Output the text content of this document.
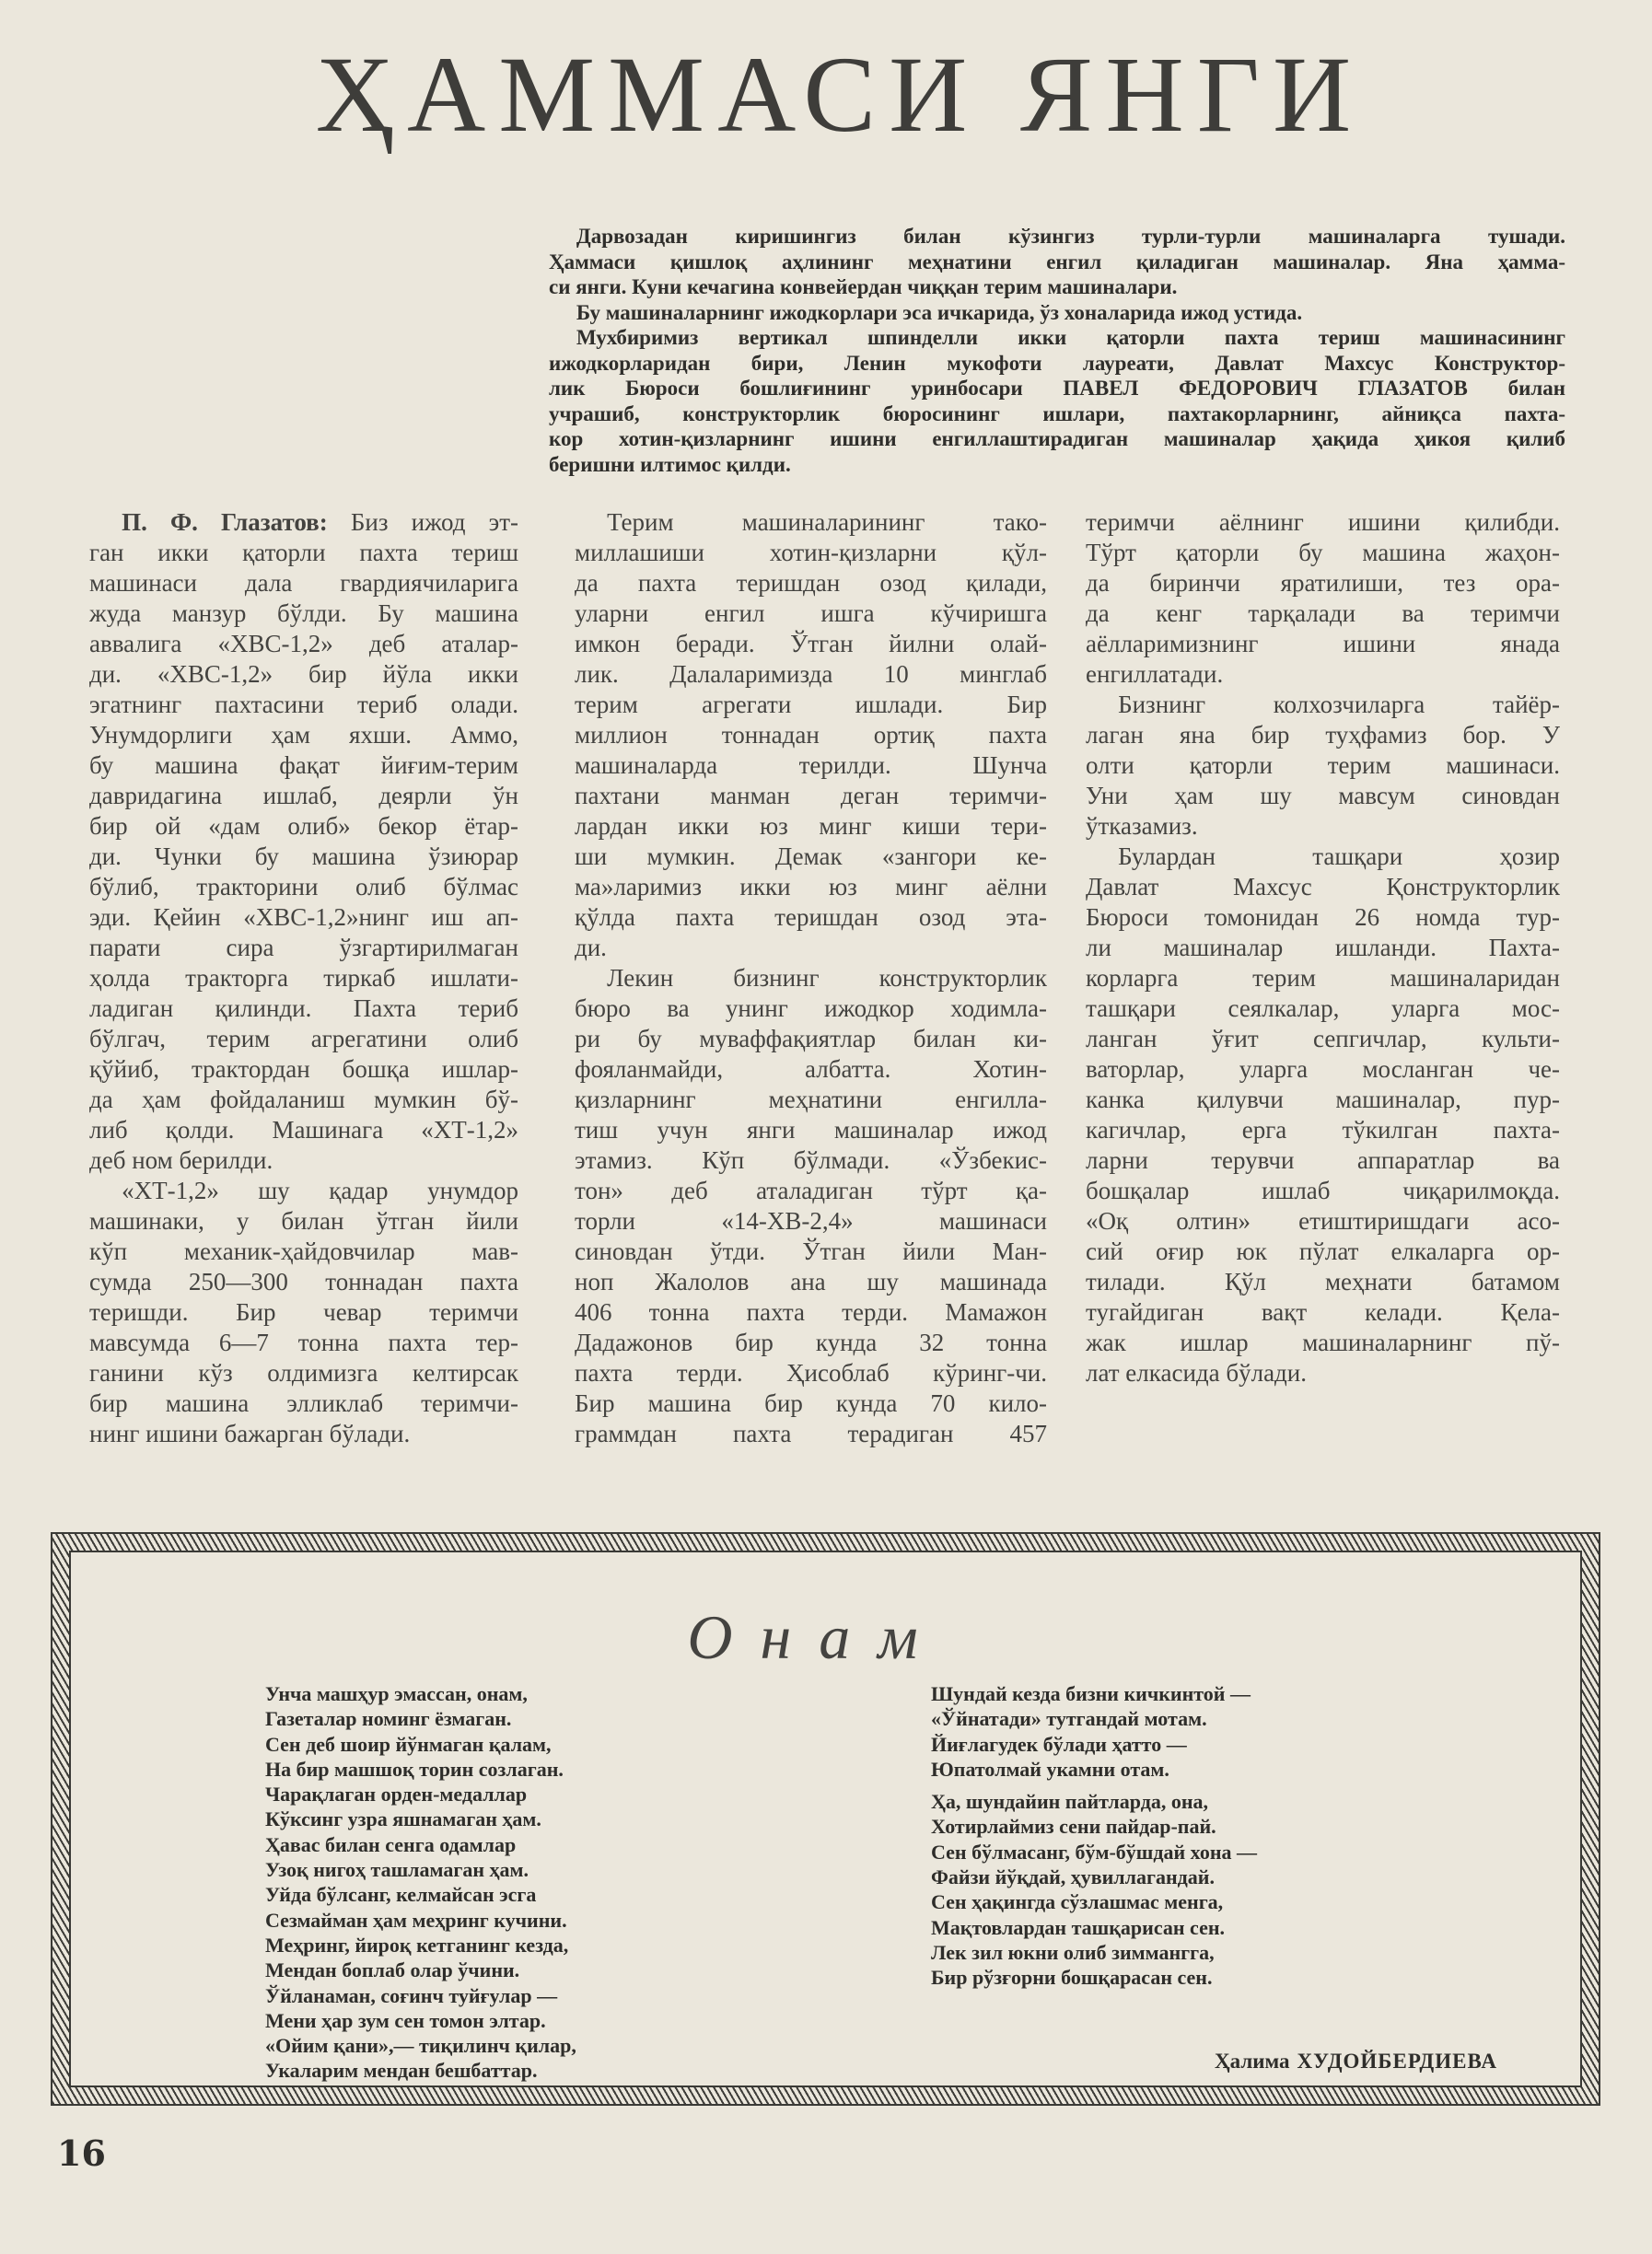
ҲАММАСИ ЯНГИ
Дарвозадан киришингиз билан кўзингиз турли-турли машиналарга тушади.
Ҳаммаси қишлоқ аҳлининг меҳнатини енгил қиладиган машиналар. Яна ҳамма-
си янги. Куни кечагина конвейердан чиққан терим машиналари.
Бу машиналарнинг ижодкорлари эса ичкарида, ўз хоналарида ижод устида.
Мухбиримиз вертикал шпинделли икки қаторли пахта териш машинасининг
ижодкорларидан бири, Ленин мукофоти лауреати, Давлат Махсус Конструктор-
лик Бюроси бошлиғининг уринбосари ПАВЕЛ ФЕДОРОВИЧ ГЛАЗАТОВ билан
учрашиб, конструкторлик бюросининг ишлари, пахтакорларнинг, айниқса пахта-
кор хотин-қизларнинг ишини енгиллаштирадиган машиналар ҳақида ҳикоя қилиб
беришни илтимос қилди.
П. Ф. Глазатов: Биз ижод эт-
ган икки қаторли пахта териш
машинаси дала гвардиячиларига
жуда манзур бўлди. Бу машина
аввалига «ХВС-1,2» деб аталар-
ди. «ХВС-1,2» бир йўла икки
эгатнинг пахтасини териб олади.
Унумдорлиги ҳам яхши. Аммо,
бу машина фақат йиғим-терим
давридагина ишлаб, деярли ўн
бир ой «дам олиб» бекор ётар-
ди. Чунки бу машина ўзиюрар
бўлиб, тракторини олиб бўлмас
эди. Қейин «ХВС-1,2»нинг иш ап-
парати сира ўзгартирилмаган
ҳолда тракторга тиркаб ишлати-
ладиган қилинди. Пахта териб
бўлгач, терим агрегатини олиб
қўйиб, трактордан бошқа ишлар-
да ҳам фойдаланиш мумкин бў-
либ қолди. Машинага «ХТ-1,2»
деб ном берилди.
«ХТ-1,2» шу қадар унумдор
машинаки, у билан ўтган йили
кўп механик-ҳайдовчилар мав-
сумда 250—300 тоннадан пахта
теришди. Бир чевар теримчи
мавсумда 6—7 тонна пахта тер-
ганини кўз олдимизга келтирсак
бир машина элликлаб теримчи-
нинг ишини бажарган бўлади.
Терим машиналарининг тако-
миллашиши хотин-қизларни қўл-
да пахта теришдан озод қилади,
уларни енгил ишга кўчиришга
имкон беради. Ўтган йилни олай-
лик. Далаларимизда 10 минглаб
терим агрегати ишлади. Бир
миллион тоннадан ортиқ пахта
машиналарда терилди. Шунча
пахтани манман деган теримчи-
лардан икки юз минг киши тери-
ши мумкин. Демак «зангори ке-
ма»ларимиз икки юз минг аёлни
қўлда пахта теришдан озод эта-
ди.
Лекин бизнинг конструкторлик
бюро ва унинг ижодкор ходимла-
ри бу муваффақиятлар билан ки-
фояланмайди, албатта. Хотин-
қизларнинг меҳнатини енгилла-
тиш учун янги машиналар ижод
этамиз. Кўп бўлмади. «Ўзбекис-
тон» деб аталадиган тўрт қа-
торли «14-ХВ-2,4» машинаси
синовдан ўтди. Ўтган йили Ман-
ноп Жалолов ана шу машинада
406 тонна пахта терди. Мамажон
Дадажонов бир кунда 32 тонна
пахта терди. Ҳисоблаб кўринг-чи.
Бир машина бир кунда 70 кило-
граммдан пахта терадиган 457
теримчи аёлнинг ишини қилибди.
Тўрт қаторли бу машина жаҳон-
да биринчи яратилиши, тез ора-
да кенг тарқалади ва теримчи
аёлларимизнинг ишини янада
енгиллатади.
Бизнинг колхозчиларга тайёр-
лаган яна бир туҳфамиз бор. У
олти қаторли терим машинаси.
Уни ҳам шу мавсум синовдан
ўтказамиз.
Булардан ташқари ҳозир
Давлат Махсус Қонструкторлик
Бюроси томонидан 26 номда тур-
ли машиналар ишланди. Пахта-
корларга терим машиналаридан
ташқари сеялкалар, уларга мос-
ланган ўғит сепгичлар, культи-
ваторлар, уларга мосланган че-
канка қилувчи машиналар, пур-
кагичлар, ерга тўкилган пахта-
ларни терувчи аппаратлар ва
бошқалар ишлаб чиқарилмоқда.
«Оқ олтин» етиштиришдаги асо-
сий оғир юк пўлат елкаларга ор-
тилади. Қўл меҳнати батамом
тугайдиган вақт келади. Қела-
жак ишлар машиналарнинг пў-
лат елкасида бўлади.
Онам
Унча машҳур эмассан, онам,
Газеталар номинг ёзмаган.
Сен деб шоир йўнмаган қалам,
На бир машшоқ торин созлаган.
Чарақлаган орден-медаллар
Кўксинг узра яшнамаган ҳам.
Ҳавас билан сенга одамлар
Узоқ нигоҳ ташламаган ҳам.
Уйда бўлсанг, келмайсан эсга
Сезмайман ҳам меҳринг кучини.
Меҳринг, йироқ кетганинг кезда,
Мендан боплаб олар ўчини.
Ўйланаман, соғинч туйғулар —
Мени ҳар зум сен томон элтар.
«Ойим қани»,— тиқилинч қилар,
Укаларим мендан бешбаттар.
Шундай кезда бизни кичкинтой —
«Ўйнатади» тутгандай мотам.
Йиғлагудек бўлади ҳатто —
Юпатолмай укамни отам.
Ҳа, шундайин пайтларда, она,
Хотирлаймиз сени пайдар-пай.
Сен бўлмасанг, бўм-бўшдай хона —
Файзи йўқдай, ҳувиллагандай.
Сен ҳақингда сўзлашмас менга,
Мақтовлардан ташқарисан сен.
Лек зил юкни олиб зиммангга,
Бир рўзғорни бошқарасан сен.
Ҳалима ХУДОЙБЕРДИЕВА
16
